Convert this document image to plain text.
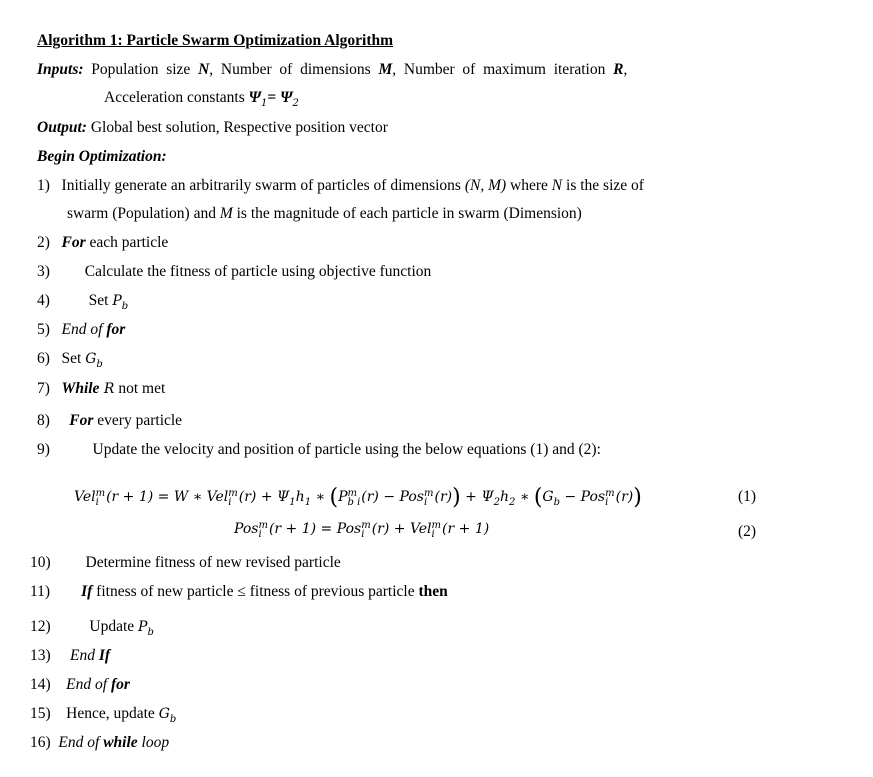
Algorithm 1: Particle Swarm Optimization Algorithm
Inputs:  Population  size  N,  Number  of  dimensions  M,  Number  of  maximum  iteration  R,
Acceleration constants $\Psi_1= \Psi_2$
Output: Global best solution, Respective position vector
Begin Optimization:
1)   Initially generate an arbitrarily swarm of particles of dimensions (N, M) where N is the size of
swarm (Population) and M is the magnitude of each particle in swarm (Dimension)
2)   For each particle
3)         Calculate the fitness of particle using objective function
4)          Set $P_b$
5)   End of for
6)   Set $G_b$
7)   While R not met
8)     For every particle
9)           Update the velocity and position of particle using the below equations (1) and (2):
Vel m
i (r + 1) = W ∗ Vel m
i $(r) + \Psi_1h_1$ ∗ (P m
b i (r) − Pos m
i $(r)) + \Psi_2h_2$ ∗ ($G_b$ − Pos m
i (r))	(1)
Pos m
i (r + 1) = Pos m
i (r) + Vel m
i (r + 1)	(2)
10)         Determine fitness of new revised particle
11)        If fitness of new particle ≤ fitness of previous particle then
12)          Update $P_b$
13)     End If
14)    End of for
15)    Hence, update $G_b$
16)  End of while loop
